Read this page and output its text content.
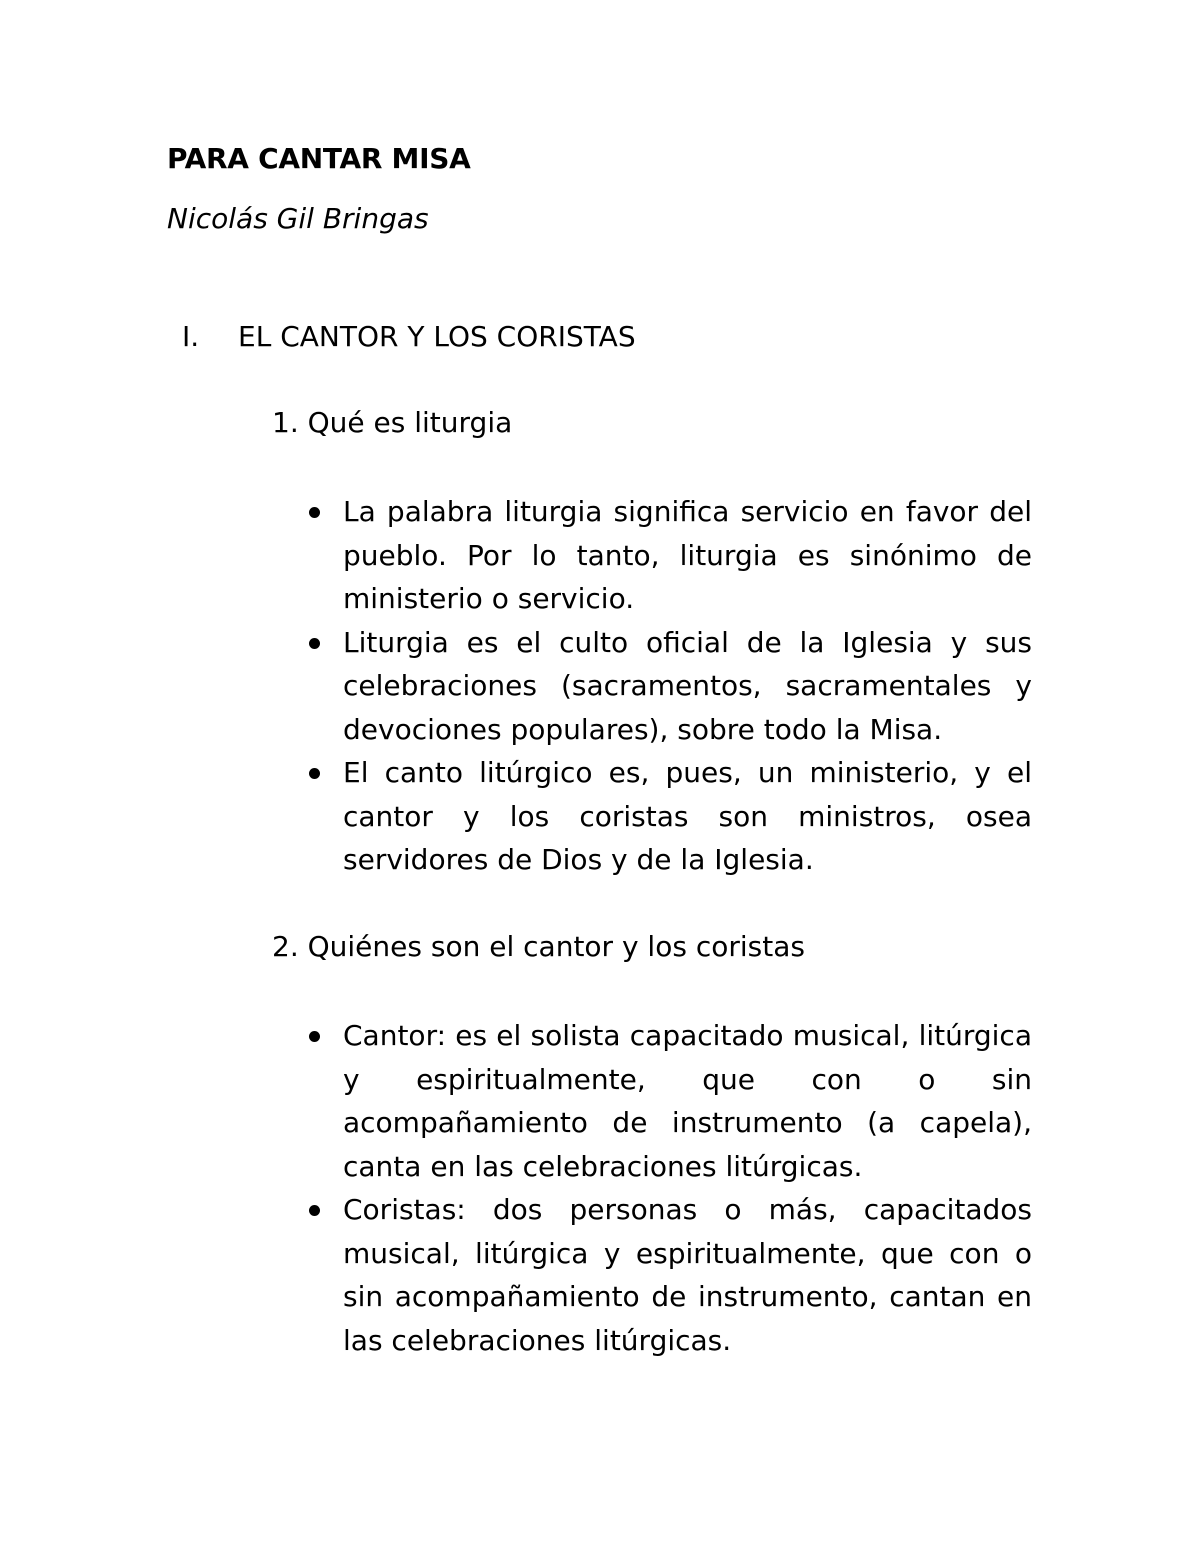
PARA CANTAR MISA

Nicolás Gil Bringas

I. EL CANTOR Y LOS CORISTAS

1. Qué es liturgia

La palabra liturgia significa servicio en favor del pueblo. Por lo tanto, liturgia es sinónimo de ministerio o servicio.
Liturgia es el culto oficial de la Iglesia y sus celebraciones (sacramentos, sacramentales y devociones populares), sobre todo la Misa.
El canto litúrgico es, pues, un ministerio, y el cantor y los coristas son ministros, osea servidores de Dios y de la Iglesia.

2. Quiénes son el cantor y los coristas

Cantor: es el solista capacitado musical, litúrgica y espiritualmente, que con o sin acompañamiento de instrumento (a capela), canta en las celebraciones litúrgicas.
Coristas: dos personas o más, capacitados musical, litúrgica y espiritualmente, que con o sin acompañamiento de instrumento, cantan en las celebraciones litúrgicas.
